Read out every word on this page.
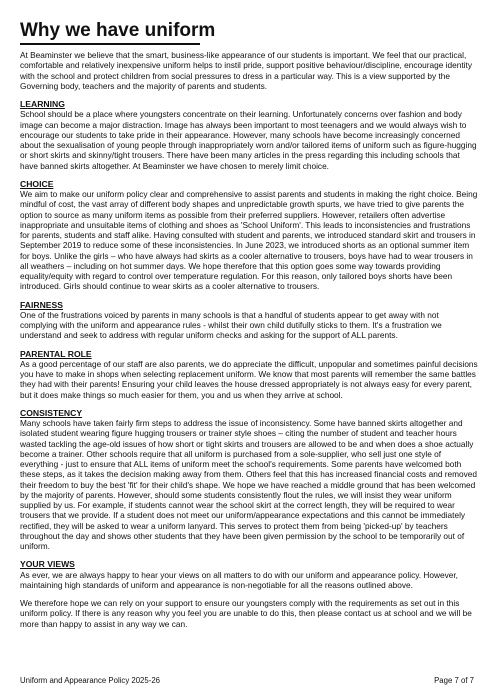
Why we have uniform

At Beaminster we believe that the smart, business-like appearance of our students is important. We feel that our practical, comfortable and relatively inexpensive uniform helps to instil pride, support positive behaviour/discipline, encourage identity with the school and protect children from social pressures to dress in a particular way. This is a view supported by the Governing body, teachers and the majority of parents and students.

LEARNING

School should be a place where youngsters concentrate on their learning. Unfortunately concerns over fashion and body image can become a major distraction. Image has always been important to most teenagers and we would always wish to encourage our students to take pride in their appearance. However, many schools have become increasingly concerned about the sexualisation of young people through inappropriately worn and/or tailored items of uniform such as figure-hugging or short skirts and skinny/tight trousers. There have been many articles in the press regarding this including schools that have banned skirts altogether. At Beaminster we have chosen to merely limit choice.

CHOICE

We aim to make our uniform policy clear and comprehensive to assist parents and students in making the right choice. Being mindful of cost, the vast array of different body shapes and unpredictable growth spurts, we have tried to give parents the option to source as many uniform items as possible from their preferred suppliers. However, retailers often advertise inappropriate and unsuitable items of clothing and shoes as 'School Uniform'. This leads to inconsistencies and frustrations for parents, students and staff alike. Having consulted with student and parents, we introduced standard skirt and trousers in September 2019 to reduce some of these inconsistencies. In June 2023, we introduced shorts as an optional summer item for boys. Unlike the girls – who have always had skirts as a cooler alternative to trousers, boys have had to wear trousers in all weathers – including on hot summer days. We hope therefore that this option goes some way towards providing equality/equity with regard to control over temperature regulation. For this reason, only tailored boys shorts have been introduced. Girls should continue to wear skirts as a cooler alternative to trousers.

FAIRNESS

One of the frustrations voiced by parents in many schools is that a handful of students appear to get away with not complying with the uniform and appearance rules - whilst their own child dutifully sticks to them. It's a frustration we understand and seek to address with regular uniform checks and asking for the support of ALL parents.

PARENTAL ROLE

As a good percentage of our staff are also parents, we do appreciate the difficult, unpopular and sometimes painful decisions you have to make in shops when selecting replacement uniform. We know that most parents will remember the same battles they had with their parents! Ensuring your child leaves the house dressed appropriately is not always easy for every parent, but it does make things so much easier for them, you and us when they arrive at school.

CONSISTENCY

Many schools have taken fairly firm steps to address the issue of inconsistency. Some have banned skirts altogether and isolated student wearing figure hugging trousers or trainer style shoes – citing the number of student and teacher hours wasted tackling the age-old issues of how short or tight skirts and trousers are allowed to be and when does a shoe actually become a trainer. Other schools require that all uniform is purchased from a sole-supplier, who sell just one style of everything - just to ensure that ALL items of uniform meet the school's requirements. Some parents have welcomed both these steps, as it takes the decision making away from them. Others feel that this has increased financial costs and removed their freedom to buy the best 'fit' for their child's shape. We hope we have reached a middle ground that has been welcomed by the majority of parents. However, should some students consistently flout the rules, we will insist they wear uniform supplied by us. For example, if students cannot wear the school skirt at the correct length, they will be required to wear trousers that we provide. If a student does not meet our uniform/appearance expectations and this cannot be immediately rectified, they will be asked to wear a uniform lanyard. This serves to protect them from being 'picked-up' by teachers throughout the day and shows other students that they have been given permission by the school to be temporarily out of uniform.

YOUR VIEWS

As ever, we are always happy to hear your views on all matters to do with our uniform and appearance policy. However, maintaining high standards of uniform and appearance is non-negotiable for all the reasons outlined above.

We therefore hope we can rely on your support to ensure our youngsters comply with the requirements as set out in this uniform policy. If there is any reason why you feel you are unable to do this, then please contact us at school and we will be more than happy to assist in any way we can.

Uniform and Appearance Policy 2025-26	Page 7 of 7
